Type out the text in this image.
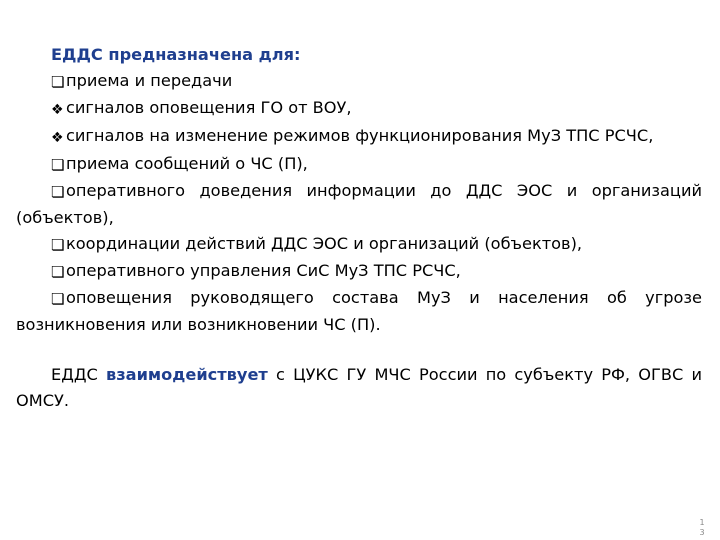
ЕДДС предназначена для:

❏приема и передачи

❖сигналов оповещения ГО от ВОУ,

❖сигналов на изменение режимов функционирования МуЗ ТПС РСЧС,

❏приема сообщений о ЧС (П),

❏оперативного доведения информации до ДДС ЭОС и организаций (объектов),

❏координации действий ДДС ЭОС и организаций (объектов),

❏оперативного управления СиС МуЗ ТПС РСЧС,

❏оповещения руководящего состава МуЗ и населения об угрозе возникновения или возникновении ЧС (П).

ЕДДС взаимодействует с ЦУКС ГУ МЧС России по субъекту РФ, ОГВС и ОМСУ.

13
